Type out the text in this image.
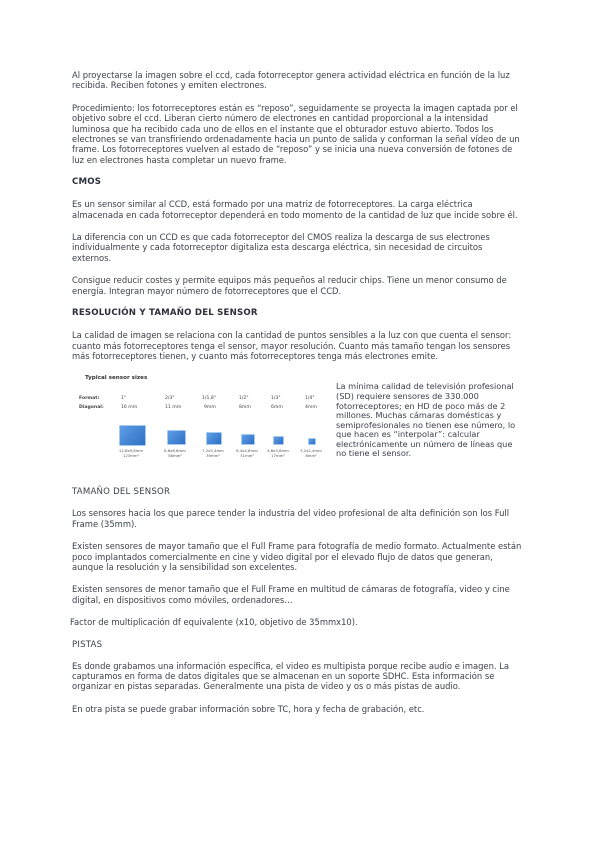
Al proyectarse la imagen sobre el ccd, cada fotorreceptor genera actividad eléctrica en función de la luz recibida. Reciben fotones y emiten electrones.

Procedimiento: los fotorreceptores están es “reposo”, seguidamente se proyecta la imagen captada por el objetivo sobre el ccd. Liberan cierto número de electrones en cantidad proporcional a la intensidad luminosa que ha recibido cada uno de ellos en el instante que el obturador estuvo abierto. Todos los electrones se van transfiriendo ordenadamente hacia un punto de salida y conforman la señal vídeo de un frame. Los fotorreceptores vuelven al estado de “reposo” y se inicia una nueva conversión de fotones de luz en electrones hasta completar un nuevo frame.

CMOS

Es un sensor similar al CCD, está formado por una matriz de fotorreceptores. La carga eléctrica almacenada en cada fotorreceptor dependerá en todo momento de la cantidad de luz que incide sobre él.

La diferencia con un CCD es que cada fotorreceptor del CMOS realiza la descarga de sus electrones individualmente y cada fotorreceptor digitaliza esta descarga eléctrica, sin necesidad de circuitos externos.

Consigue reducir costes y permite equipos más pequeños al reducir chips. Tiene un menor consumo de energía. Integran mayor número de fotorreceptores que el CCD.

RESOLUCIÓN Y TAMAÑO DEL SENSOR

La calidad de imagen se relaciona con la cantidad de puntos sensibles a la luz con que cuenta el sensor: cuanto más fotorreceptores tenga el sensor, mayor resolución. Cuanto más tamaño tengan los sensores más fotorreceptores tienen, y cuanto más fotorreceptores tenga más electrones emite.

Typical sensor sizes
Format:
Diagonal:
1"
16 mm
12,8x9,6mm
123mm²
2/3"
11 mm
8,8x6,6mm
58mm²
1/1,8"
9mm
7,2x5,4mm
39mm²
1/2"
8mm
6,4x4,8mm
31mm²
1/3"
6mm
4,8x3,6mm
17mm²
1/4"
4mm
3,2x2,4mm
8mm²
La mínima calidad de televisión profesional (SD) requiere sensores de 330.000 fotorreceptores; en HD de poco más de 2 millones. Muchas cámaras domésticas y semiprofesionales no tienen ese número, lo que hacen es “interpolar”: calcular electrónicamente un número de líneas que no tiene el sensor.
TAMAÑO DEL SENSOR

Los sensores hacia los que parece tender la industria del video profesional de alta definición son los Full Frame (35mm).

Existen sensores de mayor tamaño que el Full Frame para fotografía de medio formato. Actualmente están poco implantados comercialmente en cine y video digital por el elevado flujo de datos que generan, aunque la resolución y la sensibilidad son excelentes.

Existen sensores de menor tamaño que el Full Frame en multitud de cámaras de fotografía, video y cine digital, en dispositivos como móviles, ordenadores…

Factor de multiplicación df equivalente (x10, objetivo de 35mmx10).

PISTAS

Es donde grabamos una información específica, el video es multipista porque recibe audio e imagen. La capturamos en forma de datos digitales que se almacenan en un soporte SDHC. Esta información se organizar en pistas separadas. Generalmente una pista de video y os o más pistas de audio.

En otra pista se puede grabar información sobre TC, hora y fecha de grabación, etc.
